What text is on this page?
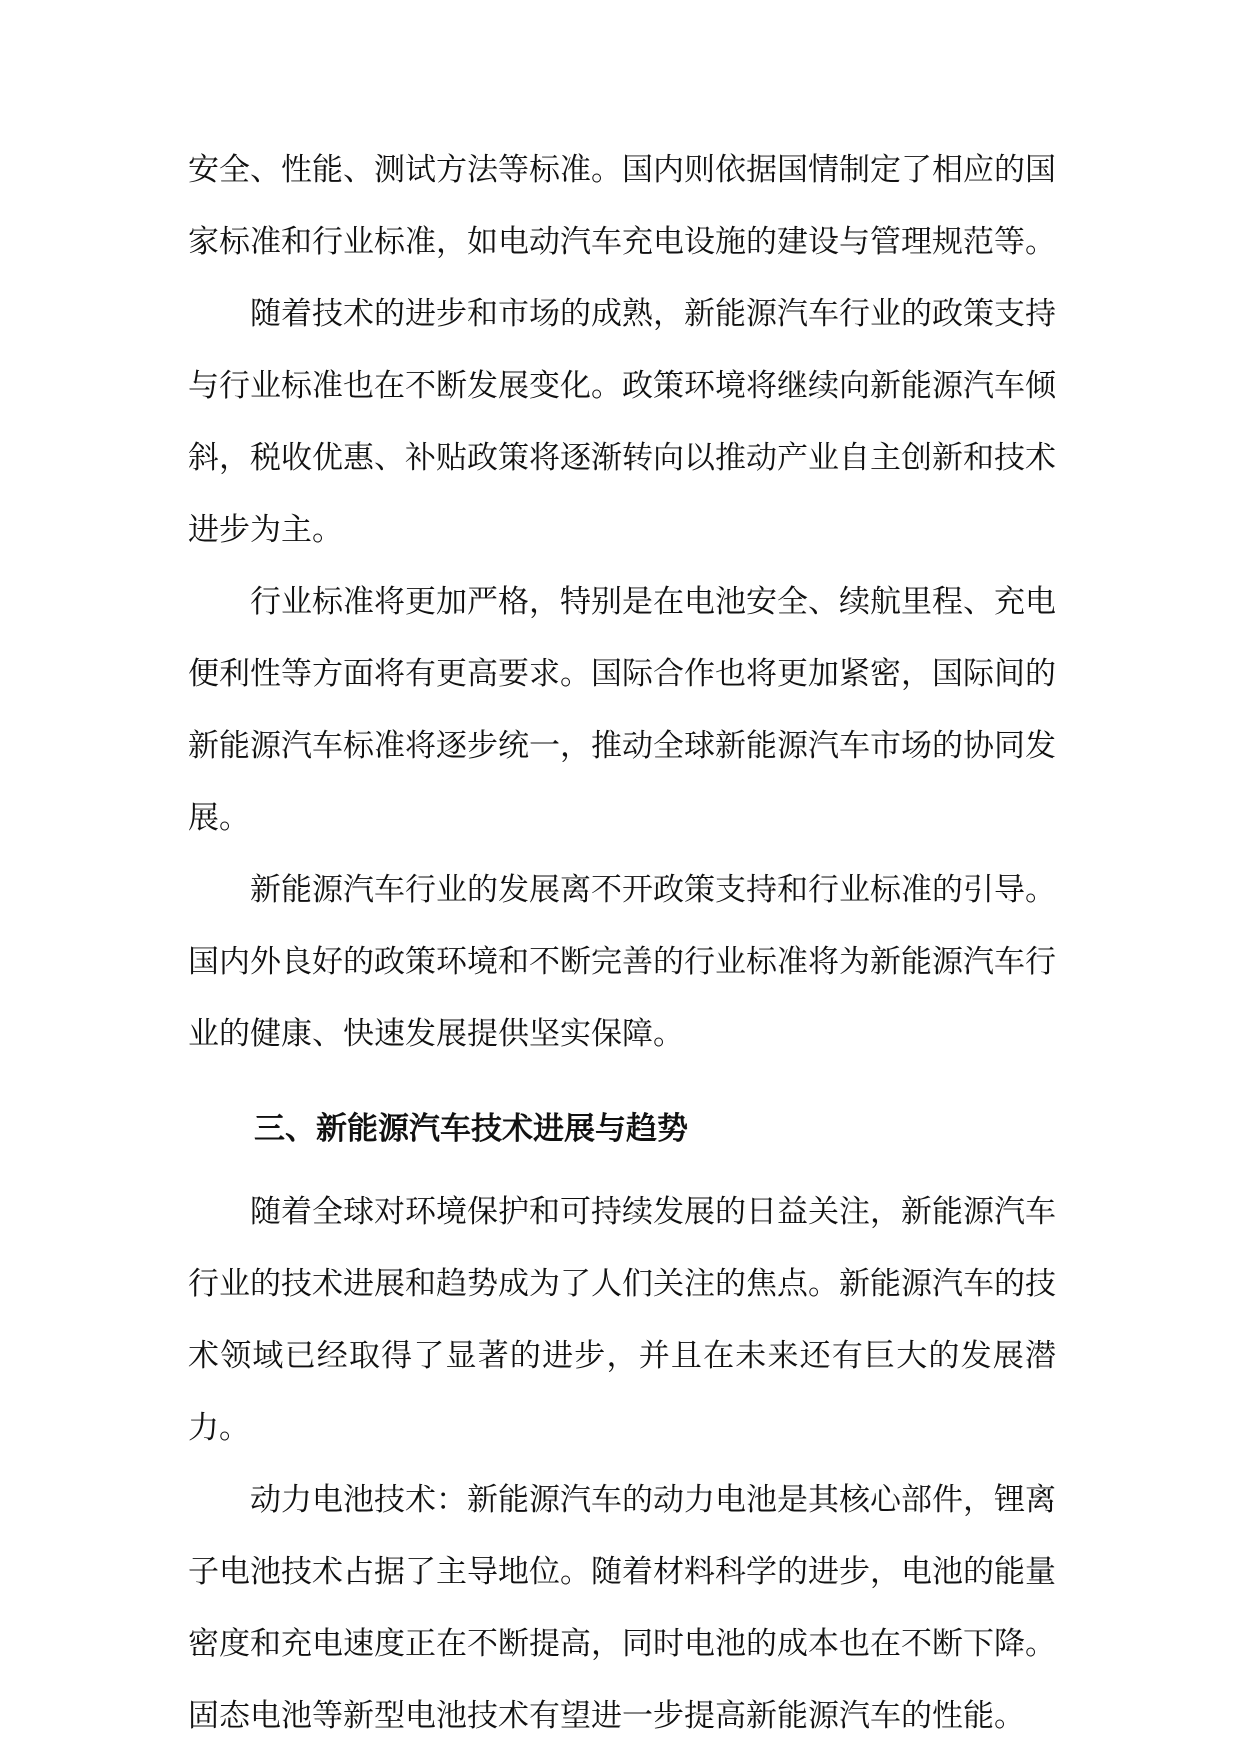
安全、性能、测试方法等标准。国内则依据国情制定了相应的国家标准和行业标准，如电动汽车充电设施的建设与管理规范等。

随着技术的进步和市场的成熟，新能源汽车行业的政策支持与行业标准也在不断发展变化。政策环境将继续向新能源汽车倾斜，税收优惠、补贴政策将逐渐转向以推动产业自主创新和技术进步为主。

行业标准将更加严格，特别是在电池安全、续航里程、充电便利性等方面将有更高要求。国际合作也将更加紧密，国际间的新能源汽车标准将逐步统一，推动全球新能源汽车市场的协同发展。

新能源汽车行业的发展离不开政策支持和行业标准的引导。国内外良好的政策环境和不断完善的行业标准将为新能源汽车行业的健康、快速发展提供坚实保障。

三、新能源汽车技术进展与趋势

随着全球对环境保护和可持续发展的日益关注，新能源汽车行业的技术进展和趋势成为了人们关注的焦点。新能源汽车的技术领域已经取得了显著的进步，并且在未来还有巨大的发展潜力。

动力电池技术：新能源汽车的动力电池是其核心部件，锂离子电池技术占据了主导地位。随着材料科学的进步，电池的能量密度和充电速度正在不断提高，同时电池的成本也在不断下降。固态电池等新型电池技术有望进一步提高新能源汽车的性能。
